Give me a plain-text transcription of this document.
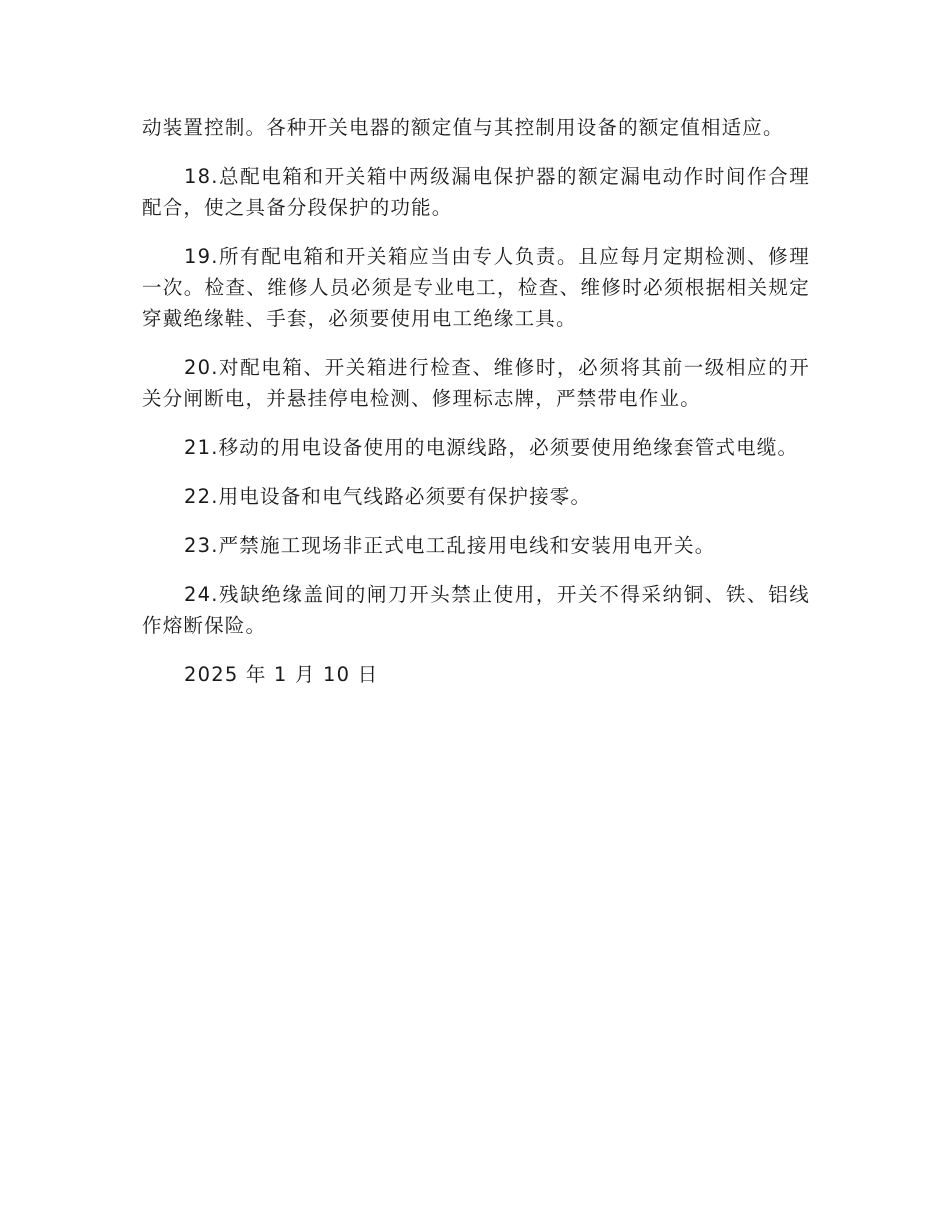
动装置控制。各种开关电器的额定值与其控制用设备的额定值相适应。

18.总配电箱和开关箱中两级漏电保护器的额定漏电动作时间作合理配合，使之具备分段保护的功能。

19.所有配电箱和开关箱应当由专人负责。且应每月定期检测、修理一次。检查、维修人员必须是专业电工，检查、维修时必须根据相关规定穿戴绝缘鞋、手套，必须要使用电工绝缘工具。

20.对配电箱、开关箱进行检查、维修时，必须将其前一级相应的开关分闸断电，并悬挂停电检测、修理标志牌，严禁带电作业。

21.移动的用电设备使用的电源线路，必须要使用绝缘套管式电缆。

22.用电设备和电气线路必须要有保护接零。

23.严禁施工现场非正式电工乱接用电线和安装用电开关。

24.残缺绝缘盖间的闸刀开头禁止使用，开关不得采纳铜、铁、铝线作熔断保险。

2025 年 1 月 10 日
